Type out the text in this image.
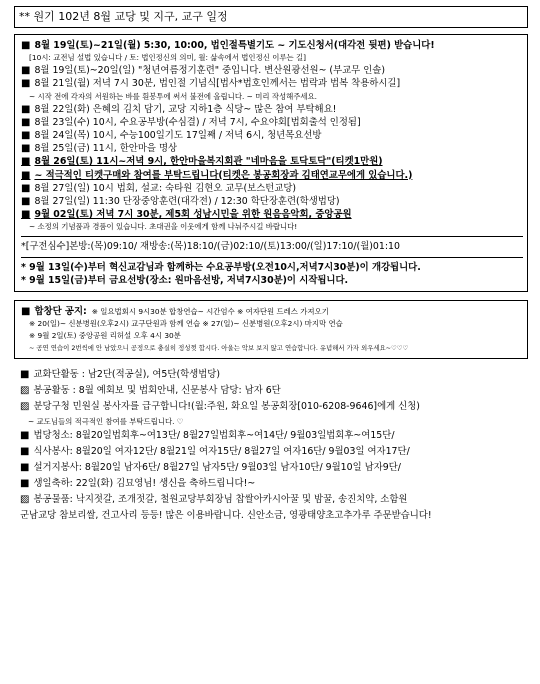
** 원기 102년 8월 교당 및 지구, 교구 일정
■ 8월 19일(토)~21일(월) 5:30, 10:00, 법인절특별기도 ~ 기도신청서(대각전 뒷편) 받습니다!
[10시: 교전님 설법 있습니다 / 토: 법인정신의 의미, 월: 삶속에서 법인정신 이루는 길]
■ 8월 19일(토)~20일(일) "청년여름정기훈련" 중입니다. 변산원광선원~ (부교무 인솔)
■ 8월 21일(월) 저녁 7시 30분, 법인절 기념식[법사*법호인께서는 법락과 법복 착용하시길]
~ 시작 전에 각자의 서원하는 바를 흰봉투에 써서 불전에 올립니다. ~ 미리 작성해주세요.
■ 8월 22일(화) 은혜의 김치 담기, 교당 지하1층 식당~ 많은 참여 부탁해요!
■ 8월 23일(수) 10시, 수요공부방(수심결) / 저녁 7시, 수요야회[법회출석 인정됨]
■ 8월 24일(목) 10시, 수능100일기도 17일째 / 저녁 6시, 청년목요선방
■ 8월 25일(금) 11시, 한안마을 명상
■ 8월 26일(토) 11시~저녁 9시, 한안마을복지회관 "네마음을 토닥토닥"(티켓1만원)
■ ~ 적극적인 티켓구매와 참여를 부탁드립니다(티켓은 봉공회장과 김태연교무에게 있습니다.)
■ 8월 27일(일) 10시 법회, 설교: 숙타원 김현오 교무(보스턴교당)
■ 8월 27일(일) 11:30 단장중앙훈련(대각전) / 12:30 학단장훈련(학생법당)
■ 9월 02일(토) 저녁 7시 30분, 제5회 성남시민을 위한 원음음악회, 중앙공원
~ 소정의 기념품과 경품이 있습니다. 초대권을 이웃에게 함께 나눠주시길 바랍니다!
*[구전심수]본방:(목)09:10/ 재방송:(목)18:10/(금)02:10/(토)13:00/(일)17:10/(월)01:10
* 9월 13일(수)부터 혁신교감님과 함께하는 수요공부방(오전10시,저녁7시30분)이 개강됩니다.
* 9월 15일(금)부터 금요선방(장소: 원마음선방, 저녁7시30분)이 시작됩니다.
■ 합창단 공지: ※ 일요법회시 9시30분 합창연습~ 시간엄수 ※ 여자단원 드레스 가져오기
※ 20(일)~ 신분병원(오후2시) 교구단원과 함께 연습 ※ 27(일)~ 신분병원(오후2시) 마지막 연습
※ 9월 2일(토) 중앙공원 리허설 오후 4시 30분
~ 공연 연습이 2번씩에 안 남았으니 공정으로 충실히 정성껏 합시다. 아울는 악보 보지 않고 연습합니다. 유념해서 가자 외우세요~♡♡♡
■ 교화단활동 : 남2단(적공실), 여5단(학생법당)
▨ 봉공활동 : 8월 예회보 및 법회안내, 신문봉사 담당: 남자 6단
▨ 분당구청 민원실 봉사자를 급구합니다!(월:주원, 화요일 봉공회장[010-6208-9646]에게 신청)
~ 교도님들의 적극적인 참여를 부탁드립니다. ♡
■ 법당청소: 8월20일법회후~여13단/ 8월27일법회후~여14단/ 9월03일법회후~여15단/
■ 식사봉사: 8월20일 여자12단/ 8월21일 여자15단/ 8월27일 여자16단/ 9월03일 여자17단/
■ 설거지봉사: 8월20일 남자6단/ 8월27일 남자5단/ 9월03일 남자10단/ 9월10일 남자9단/
■ 생일축하: 22일(화) 김묘영님! 생신을 축하드립니다!~
▨ 봉공물품: 낙지젓갈, 조개젓갈, 철원교당부회장님 찹쌀아카시아꿀 및 밤꿀, 송진치약, 소함원
군남교당 참보리쌀, 건고사리 등등! 많은 이용바랍니다. 신안소금, 영광태양초고추가루 주문받습니다!
